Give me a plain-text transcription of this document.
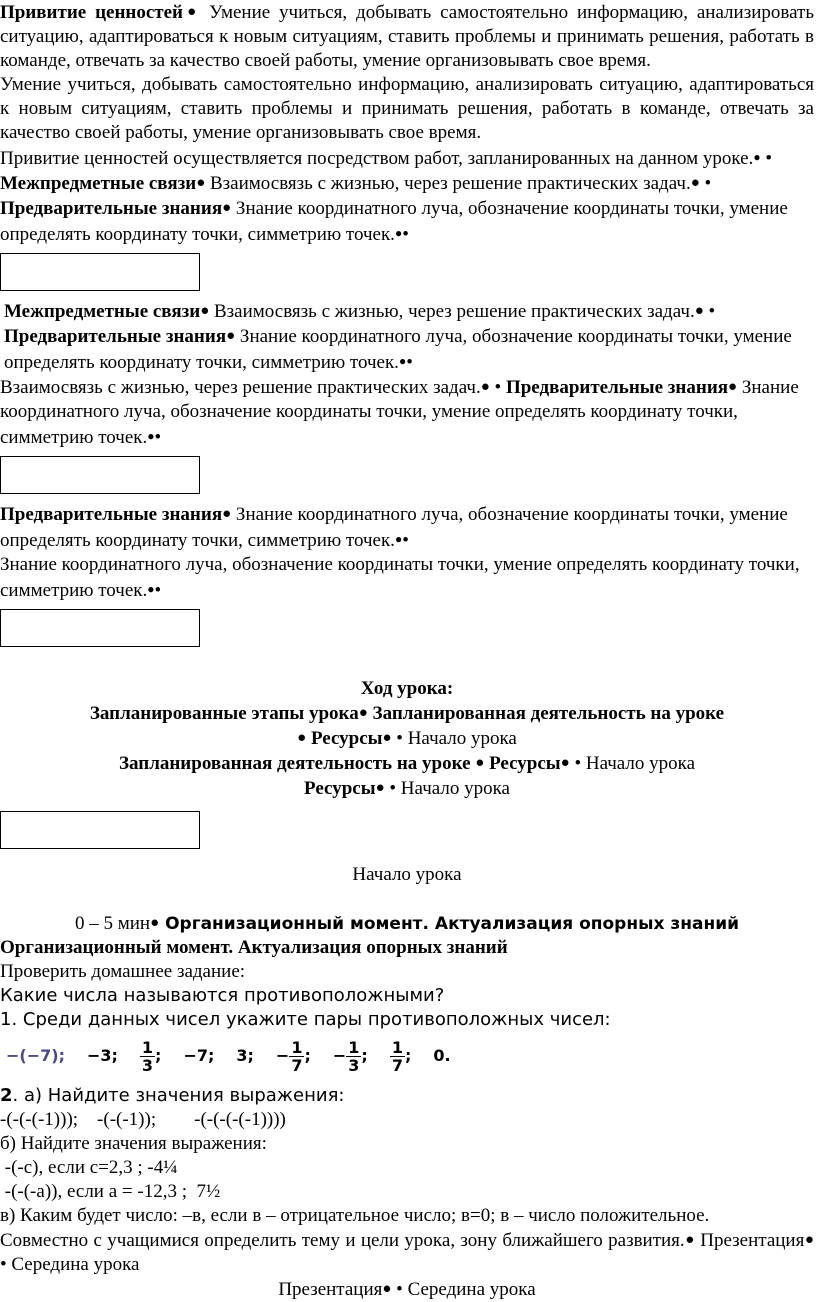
Привитие ценностей● Умение учиться, добывать самостоятельно информацию, анализировать ситуацию, адаптироваться к новым ситуациям, ставить проблемы и принимать решения, работать в команде, отвечать за качество своей работы, умение организовывать свое время.

Умение учиться, добывать самостоятельно информацию, анализировать ситуацию, адаптироваться к новым ситуациям, ставить проблемы и принимать решения, работать в команде, отвечать за качество своей работы, умение организовывать свое время.

Привитие ценностей осуществляется посредством работ, запланированных на данном уроке.● • Межпредметные связи● Взаимосвязь с жизнью, через решение практических задач.● • Предварительные знания● Знание координатного луча, обозначение координаты точки, умение определять координату точки, симметрию точек.●•

Межпредметные связи● Взаимосвязь с жизнью, через решение практических задач.● • Предварительные знания● Знание координатного луча, обозначение координаты точки, умение определять координату точки, симметрию точек.●•

Взаимосвязь с жизнью, через решение практических задач.● • Предварительные знания● Знание координатного луча, обозначение координаты точки, умение определять координату точки, симметрию точек.●•

Предварительные знания● Знание координатного луча, обозначение координаты точки, умение определять координату точки, симметрию точек.●•

Знание координатного луча, обозначение координаты точки, умение определять координату точки, симметрию точек.●•

Ход урока:

Запланированные этапы урока● Запланированная деятельность на уроке

● Ресурсы● • Начало урока

Запланированная деятельность на уроке ● Ресурсы● • Начало урока

Ресурсы● • Начало урока

Начало урока

0 – 5 мин● Организационный момент. Актуализация опорных знаний

Организационный момент. Актуализация опорных знаний

Проверить домашнее задание:

Какие числа называются противоположными?

1. Среди данных чисел укажите пары противоположных чисел:

−(−7); −3; $\frac{1}{3}$ ; −7; 3; − $\frac{1}{7}$ ; − $\frac{1}{3}$ ; $\frac{1}{7}$ ; 0.

2. а) Найдите значения выражения:

-(-(-(-1)));    -(-(-1));        -(-(-(-(-1))))

б) Найдите значения выражения:

-(-с), если с=2,3 ; -4¼

-(-(-а)), если а = -12,3 ;  7½

в) Каким будет число: –в, если в – отрицательное число; в=0; в – число положительное.

Совместно с учащимися определить тему и цели урока, зону ближайшего развития.● Презентация● • Середина урока

Презентация● • Середина урока
